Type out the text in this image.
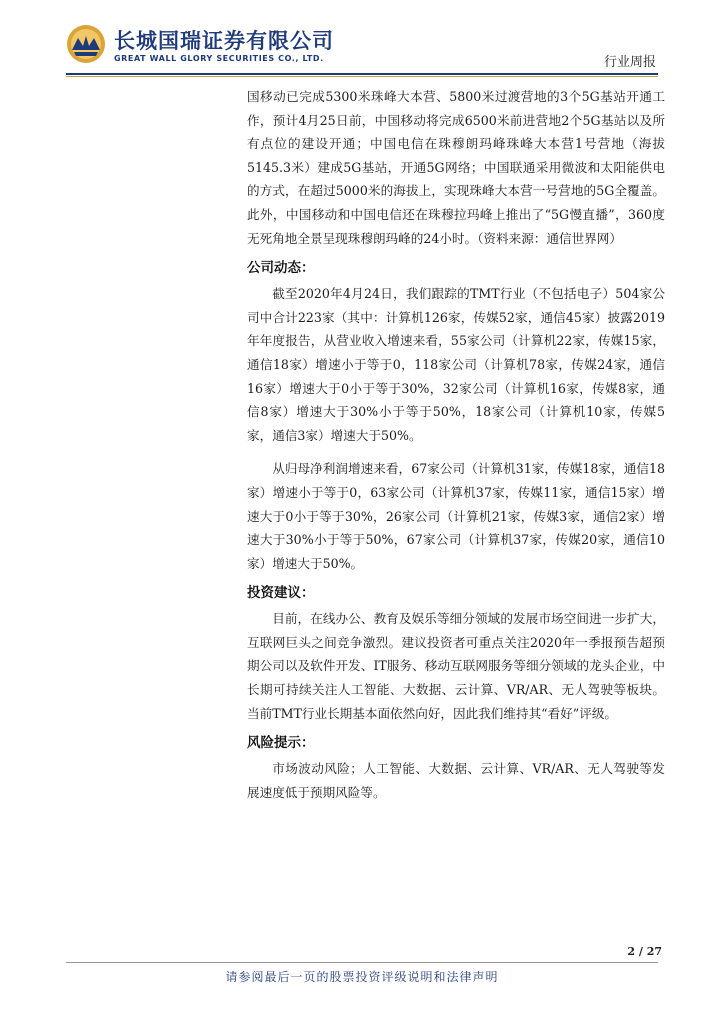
长城国瑞证券有限公司
GREAT WALL GLORY SECURITIES CO., LTD.	行业周报

国移动已完成5300米珠峰大本营、5800米过渡营地的3个5G基站开通工作，预计4月25日前，中国移动将完成6500米前进营地2个5G基站以及所有点位的建设开通；中国电信在珠穆朗玛峰珠峰大本营1号营地（海拔5145.3米）建成5G基站，开通5G网络；中国联通采用微波和太阳能供电的方式，在超过5000米的海拔上，实现珠峰大本营一号营地的5G全覆盖。此外，中国移动和中国电信还在珠穆拉玛峰上推出了“5G慢直播”，360度无死角地全景呈现珠穆朗玛峰的24小时。（资料来源：通信世界网）

公司动态：

截至2020年4月24日，我们跟踪的TMT行业（不包括电子）504家公司中合计223家（其中：计算机126家，传媒52家，通信45家）披露2019年年度报告，从营业收入增速来看，55家公司（计算机22家，传媒15家，通信18家）增速小于等于0，118家公司（计算机78家，传媒24家，通信16家）增速大于0小于等于30%，32家公司（计算机16家，传媒8家，通信8家）增速大于30%小于等于50%，18家公司（计算机10家，传媒5家，通信3家）增速大于50%。

从归母净利润增速来看，67家公司（计算机31家，传媒18家，通信18家）增速小于等于0，63家公司（计算机37家，传媒11家，通信15家）增速大于0小于等于30%，26家公司（计算机21家，传媒3家，通信2家）增速大于30%小于等于50%，67家公司（计算机37家，传媒20家，通信10家）增速大于50%。

投资建议：

目前，在线办公、教育及娱乐等细分领域的发展市场空间进一步扩大，互联网巨头之间竞争激烈。建议投资者可重点关注2020年一季报预告超预期公司以及软件开发、IT服务、移动互联网服务等细分领域的龙头企业，中长期可持续关注人工智能、大数据、云计算、VR/AR、无人驾驶等板块。当前TMT行业长期基本面依然向好，因此我们维持其“看好”评级。

风险提示：

市场波动风险；人工智能、大数据、云计算、VR/AR、无人驾驶等发展速度低于预期风险等。

2 / 27
请参阅最后一页的股票投资评级说明和法律声明
